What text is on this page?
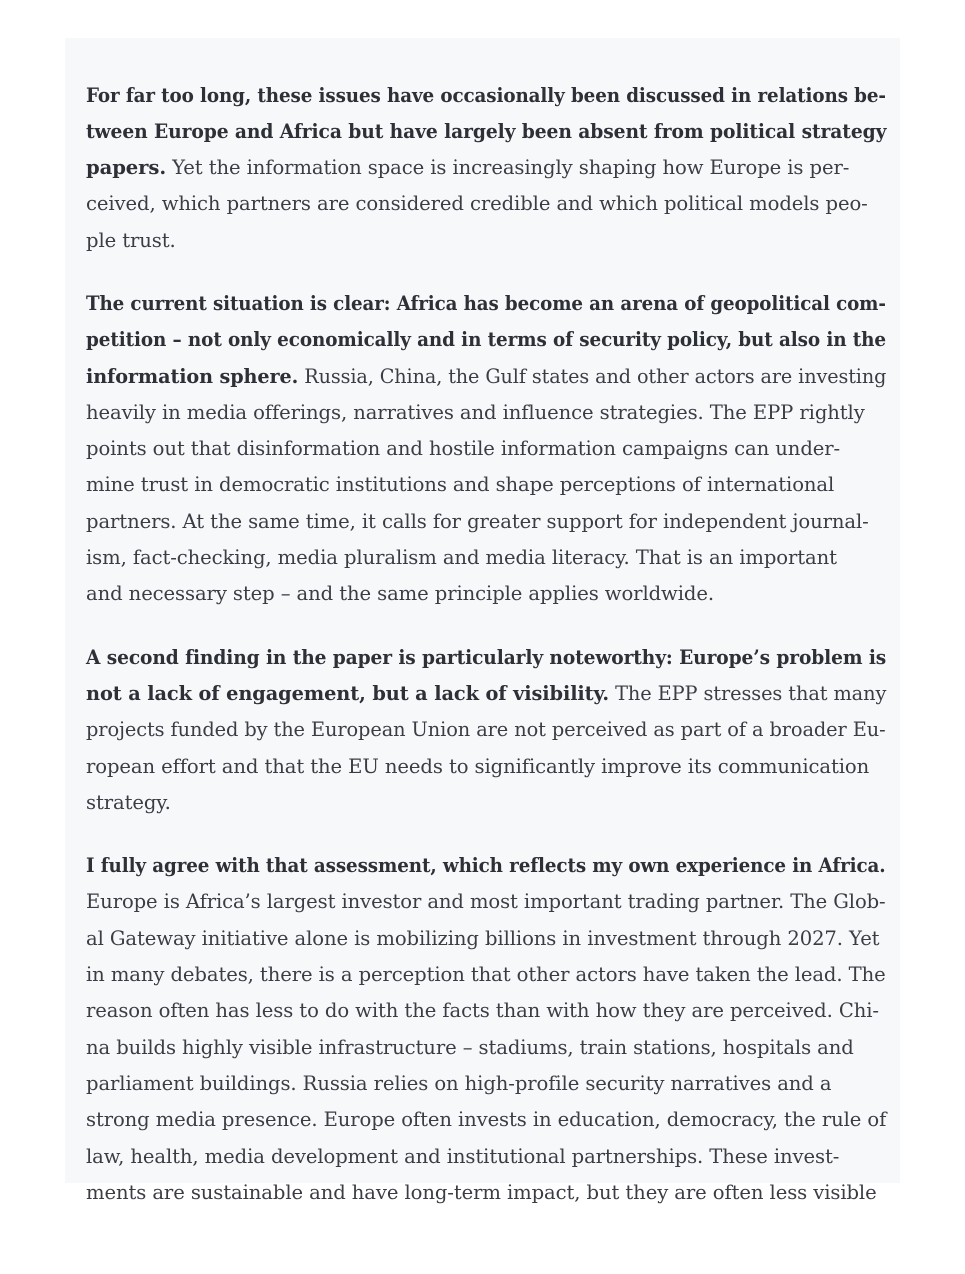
For far too long, these issues have occasionally been discussed in relations be-
tween Europe and Africa but have largely been absent from political strategy
papers. Yet the information space is increasingly shaping how Europe is per-
ceived, which partners are considered credible and which political models peo-
ple trust.
The current situation is clear: Africa has become an arena of geopolitical com-
petition – not only economically and in terms of security policy, but also in the
information sphere. Russia, China, the Gulf states and other actors are investing
heavily in media offerings, narratives and influence strategies. The EPP rightly
points out that disinformation and hostile information campaigns can under-
mine trust in democratic institutions and shape perceptions of international
partners. At the same time, it calls for greater support for independent journal-
ism, fact-checking, media pluralism and media literacy. That is an important
and necessary step – and the same principle applies worldwide.
A second finding in the paper is particularly noteworthy: Europe’s problem is
not a lack of engagement, but a lack of visibility. The EPP stresses that many
projects funded by the European Union are not perceived as part of a broader Eu-
ropean effort and that the EU needs to significantly improve its communication
strategy.
I fully agree with that assessment, which reflects my own experience in Africa.
Europe is Africa’s largest investor and most important trading partner. The Glob-
al Gateway initiative alone is mobilizing billions in investment through 2027. Yet
in many debates, there is a perception that other actors have taken the lead. The
reason often has less to do with the facts than with how they are perceived. Chi-
na builds highly visible infrastructure – stadiums, train stations, hospitals and
parliament buildings. Russia relies on high-profile security narratives and a
strong media presence. Europe often invests in education, democracy, the rule of
law, health, media development and institutional partnerships. These invest-
ments are sustainable and have long-term impact, but they are often less visible
